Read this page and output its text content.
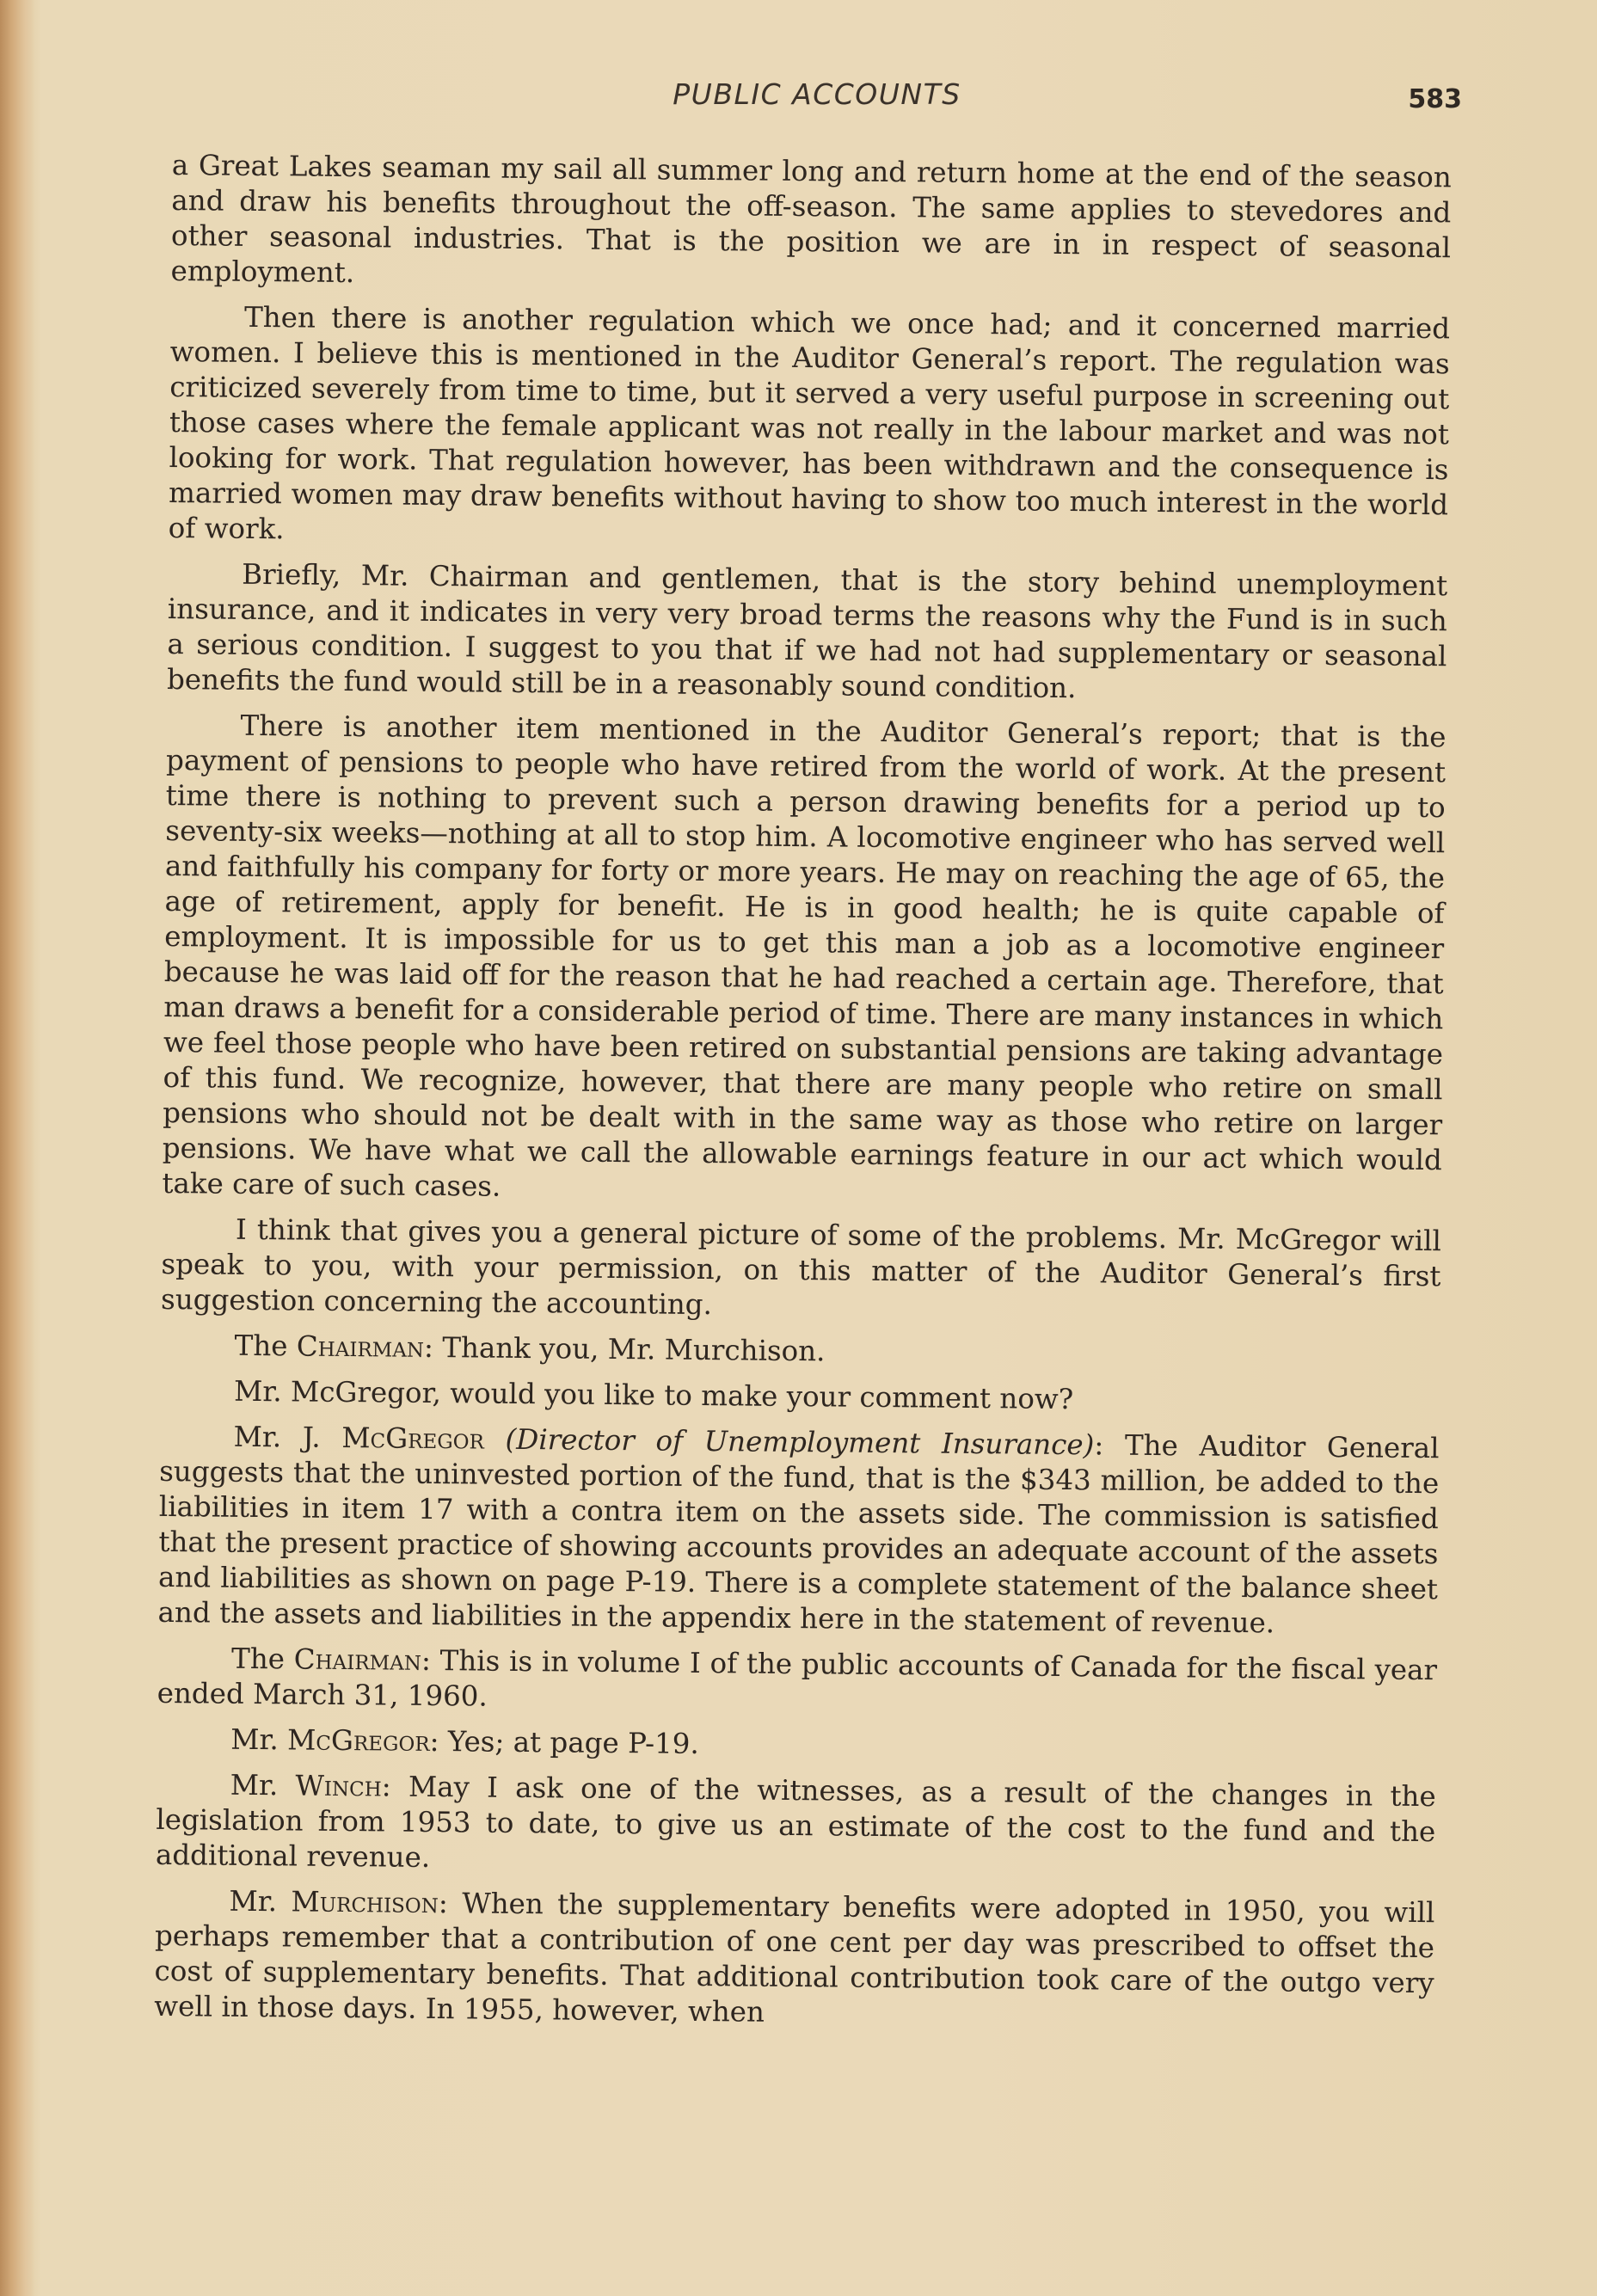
PUBLIC ACCOUNTS	583

a Great Lakes seaman my sail all summer long and return home at the end of the season and draw his benefits throughout the off-season. The same applies to stevedores and other seasonal industries. That is the position we are in in respect of seasonal employment.

Then there is another regulation which we once had; and it concerned married women. I believe this is mentioned in the Auditor General’s report. The regulation was criticized severely from time to time, but it served a very useful purpose in screening out those cases where the female applicant was not really in the labour market and was not looking for work. That regulation however, has been withdrawn and the consequence is married women may draw benefits without having to show too much interest in the world of work.

Briefly, Mr. Chairman and gentlemen, that is the story behind unemployment insurance, and it indicates in very very broad terms the reasons why the Fund is in such a serious condition. I suggest to you that if we had not had supplementary or seasonal benefits the fund would still be in a reasonably sound condition.

There is another item mentioned in the Auditor General’s report; that is the payment of pensions to people who have retired from the world of work. At the present time there is nothing to prevent such a person drawing benefits for a period up to seventy-six weeks—nothing at all to stop him. A locomotive engineer who has served well and faithfully his company for forty or more years. He may on reaching the age of 65, the age of retirement, apply for benefit. He is in good health; he is quite capable of employment. It is impossible for us to get this man a job as a locomotive engineer because he was laid off for the reason that he had reached a certain age. Therefore, that man draws a benefit for a considerable period of time. There are many instances in which we feel those people who have been retired on substantial pensions are taking advantage of this fund. We recognize, however, that there are many people who retire on small pensions who should not be dealt with in the same way as those who retire on larger pensions. We have what we call the allowable earnings feature in our act which would take care of such cases.

I think that gives you a general picture of some of the problems. Mr. McGregor will speak to you, with your permission, on this matter of the Auditor General’s first suggestion concerning the accounting.

The Chairman: Thank you, Mr. Murchison.

Mr. McGregor, would you like to make your comment now?

Mr. J. McGregor (Director of Unemployment Insurance): The Auditor General suggests that the uninvested portion of the fund, that is the $343 million, be added to the liabilities in item 17 with a contra item on the assets side. The commission is satisfied that the present practice of showing accounts provides an adequate account of the assets and liabilities as shown on page P-19. There is a complete statement of the balance sheet and the assets and liabilities in the appendix here in the statement of revenue.

The Chairman: This is in volume I of the public accounts of Canada for the fiscal year ended March 31, 1960.

Mr. McGregor: Yes; at page P-19.

Mr. Winch: May I ask one of the witnesses, as a result of the changes in the legislation from 1953 to date, to give us an estimate of the cost to the fund and the additional revenue.

Mr. Murchison: When the supplementary benefits were adopted in 1950, you will perhaps remember that a contribution of one cent per day was prescribed to offset the cost of supplementary benefits. That additional contribution took care of the outgo very well in those days. In 1955, however, when
